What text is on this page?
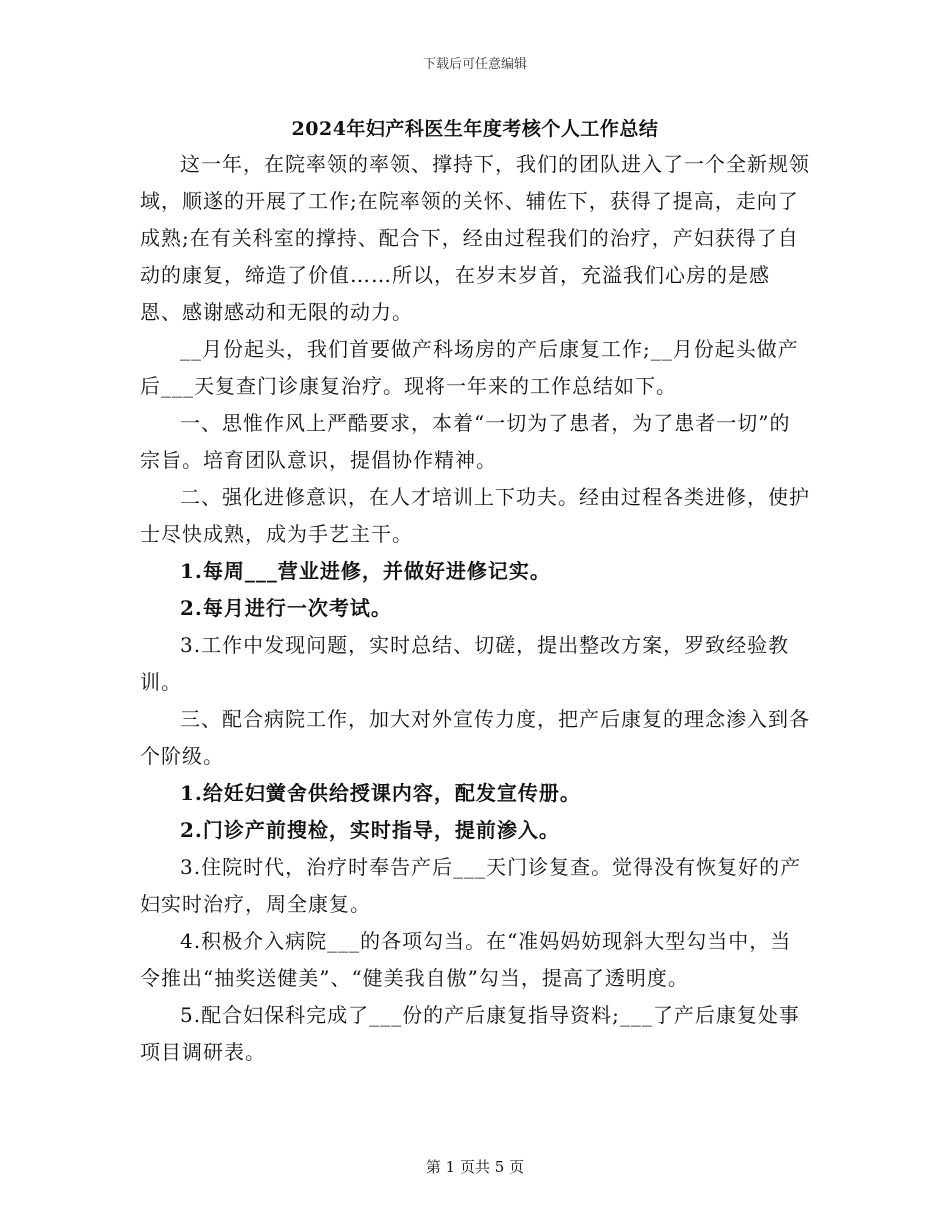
下载后可任意编辑
2024年妇产科医生年度考核个人工作总结

这一年，在院率领的率领、撑持下，我们的团队进入了一个全新规领域，顺遂的开展了工作;在院率领的关怀、辅佐下，获得了提高，走向了成熟;在有关科室的撑持、配合下，经由过程我们的治疗，产妇获得了自动的康复，缔造了价值……所以，在岁末岁首，充溢我们心房的是感恩、感谢感动和无限的动力。

__月份起头，我们首要做产科场房的产后康复工作;__月份起头做产后___天复查门诊康复治疗。现将一年来的工作总结如下。

一、思惟作风上严酷要求，本着“一切为了患者，为了患者一切”的宗旨。培育团队意识，提倡协作精神。

二、强化进修意识，在人才培训上下功夫。经由过程各类进修，使护士尽快成熟，成为手艺主干。

1.每周___营业进修，并做好进修记实。

2.每月进行一次考试。

3.工作中发现问题，实时总结、切磋，提出整改方案，罗致经验教训。

三、配合病院工作，加大对外宣传力度，把产后康复的理念渗入到各个阶级。

1.给妊妇黉舍供给授课内容，配发宣传册。

2.门诊产前搜检，实时指导，提前渗入。

3.住院时代，治疗时奉告产后___天门诊复查。觉得没有恢复好的产妇实时治疗，周全康复。

4.积极介入病院___的各项勾当。在“准妈妈妨现斜大型勾当中，当令推出“抽奖送健美”、“健美我自傲”勾当，提高了透明度。

5.配合妇保科完成了___份的产后康复指导资料;___了产后康复处事项目调研表。

第 1 页共 5 页
